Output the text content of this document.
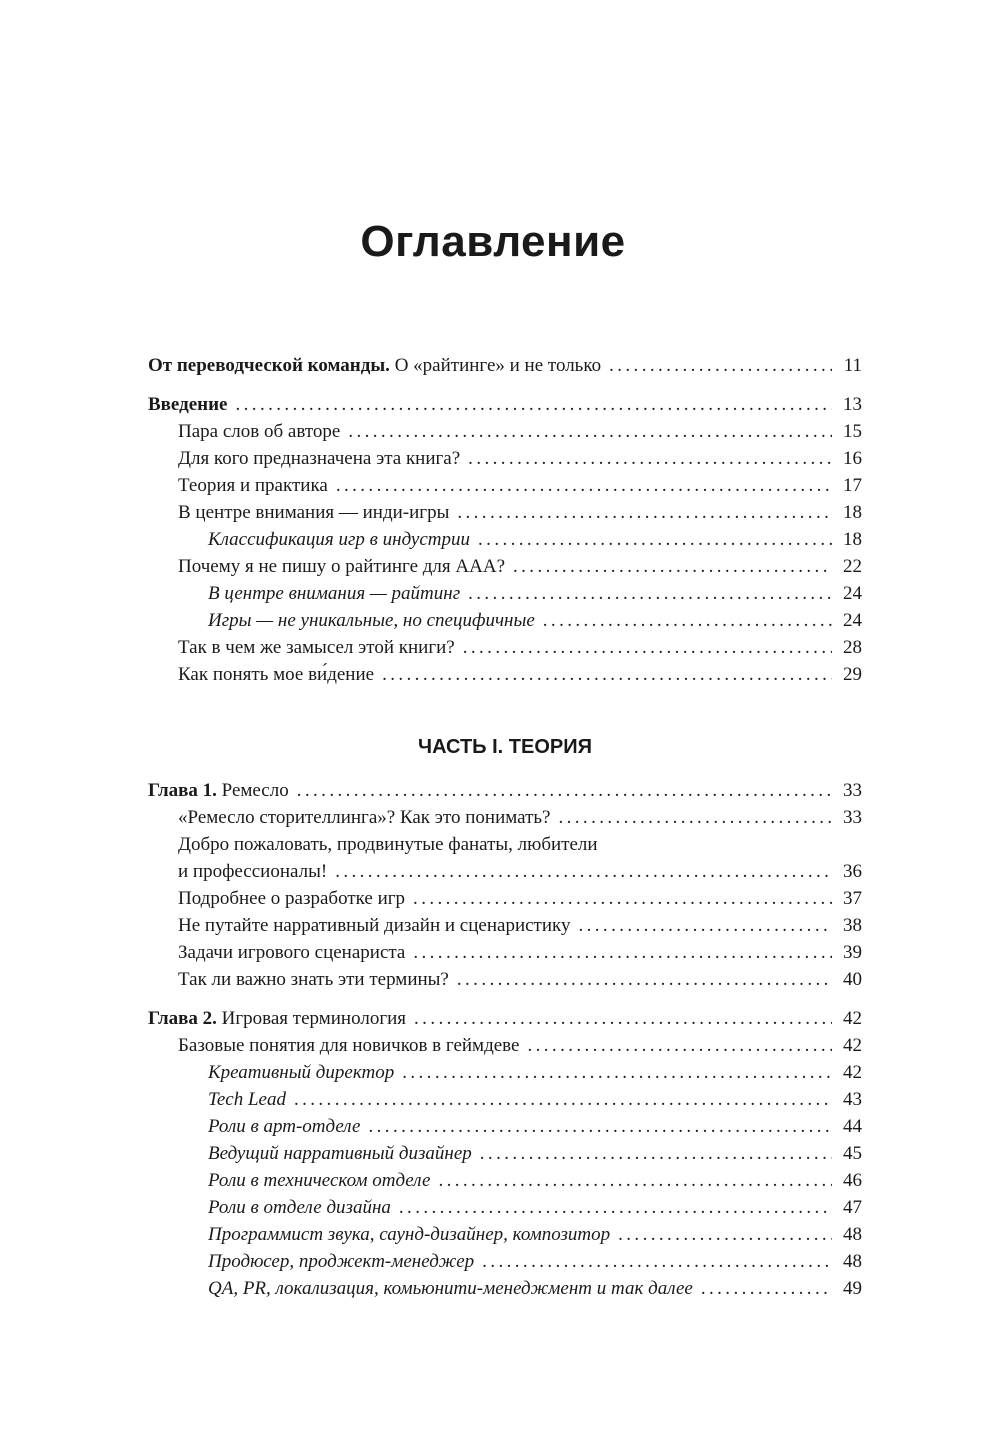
Оглавление
От переводческой команды. О «райтинге» и не только .....	11
Введение .....	13
Пара слов об авторе .....	15
Для кого предназначена эта книга? .....	16
Теория и практика .....	17
В центре внимания — инди-игры .....	18
Классификация игр в индустрии .....	18
Почему я не пишу о райтинге для ААА? .....	22
В центре внимания — райтинг .....	24
Игры — не уникальные, но специфичные .....	24
Так в чем же замысел этой книги? .....	28
Как понять мое ви́дение .....	29
ЧАСТЬ I. ТЕОРИЯ
Глава 1. Ремесло .....	33
«Ремесло сторителлинга»? Как это понимать? .....	33
Добро пожаловать, продвинутые фанаты, любители
и профессионалы! .....	36
Подробнее о разработке игр .....	37
Не путайте нарративный дизайн и сценаристику .....	38
Задачи игрового сценариста .....	39
Так ли важно знать эти термины? .....	40
Глава 2. Игровая терминология .....	42
Базовые понятия для новичков в геймдеве .....	42
Креативный директор .....	42
Tech Lead .....	43
Роли в арт-отделе .....	44
Ведущий нарративный дизайнер .....	45
Роли в техническом отделе .....	46
Роли в отделе дизайна .....	47
Программист звука, саунд-дизайнер, композитор .....	48
Продюсер, проджект-менеджер .....	48
QA, PR, локализация, комьюнити-менеджмент и так далее .....	49
